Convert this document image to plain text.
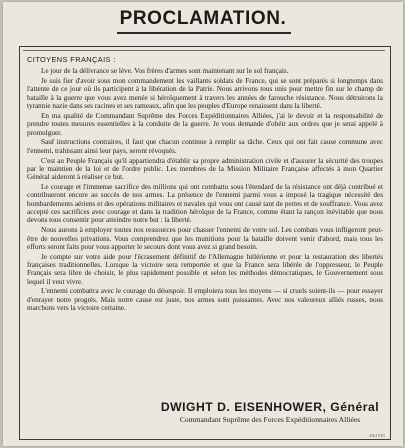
PROCLAMATION.

CITOYENS FRANÇAIS :

Le jour de la délivrance se lève. Vos frères d'armes sont maintenant sur le sol français.

Je suis fier d'avoir sous mon commandement les vaillants soldats de France, qui se sont préparés si longtemps dans l'attente de ce jour où ils participent à la libération de la Patrie. Nous arrivons tous unis pour mettre fin sur le champ de bataille à la guerre que vous avez menée si héroïquement à travers les années de farouche résistance. Nous détruirons la tyrannie nazie dans ses racines et ses rameaux, afin que les peuples d'Europe renaissent dans la liberté.

En ma qualité de Commandant Suprême des Forces Expéditionnaires Alliées, j'ai le devoir et la responsabilité de prendre toutes mesures essentielles à la conduite de la guerre. Je vous demande d'obéir aux ordres que je serai appelé à promulguer.

Sauf instructions contraires, il faut que chacun continue à remplir sa tâche. Ceux qui ont fait cause commune avec l'ennemi, trahissant ainsi leur pays, seront révoqués.

C'est au Peuple Français qu'il appartiendra d'établir sa propre administration civile et d'assurer la sécurité des troupes par le maintien de la loi et de l'ordre public. Les membres de la Mission Militaire Française affectés à mon Quartier Général aideront à réaliser ce but.

Le courage et l'immense sacrifice des millions qui ont combattu sous l'étendard de la résistance ont déjà contribué et contribueront encore au succès de nos armes. La présence de l'ennemi parmi vous a imposé la tragique nécessité des bombardements aériens et des opérations militaires et navales qui vous ont causé tant de pertes et de souffrance. Vous avez accepté ces sacrifices avec courage et dans la tradition héroïque de la France, comme étant la rançon inévitable que nous devons tous consentir pour atteindre notre but : la liberté.

Nous aurons à employer toutes nos ressources pour chasser l'ennemi de votre sol. Les combats vous infligeront peut-être de nouvelles privations. Vous comprendrez que les munitions pour la bataille doivent venir d'abord, mais tous les efforts seront faits pour vous apporter le secours dont vous avez si grand besoin.

Je compte sur votre aide pour l'écrasement définitif de l'Allemagne hitlérienne et pour la restauration des libertés françaises traditionnelles. Lorsque la victoire sera remportée et que la France sera libérée de l'oppresseur, le Peuple Français sera libre de choisir, le plus rapidement possible et selon les méthodes démocratiques, le Gouvernement sous lequel il veut vivre.

L'ennemi combattra avec le courage du désespoir. Il emploiera tous les moyens — si cruels soient-ils — pour essayer d'enrayer notre progrès. Mais notre cause est juste, nos armes sont puissantes. Avec nos valeureux alliés russes, nous marchons vers la victoire certaine.

DWIGHT D. EISENHOWER, Général
Commandant Suprême des Forces Expéditionnaires Alliées
ZA/15 F1
